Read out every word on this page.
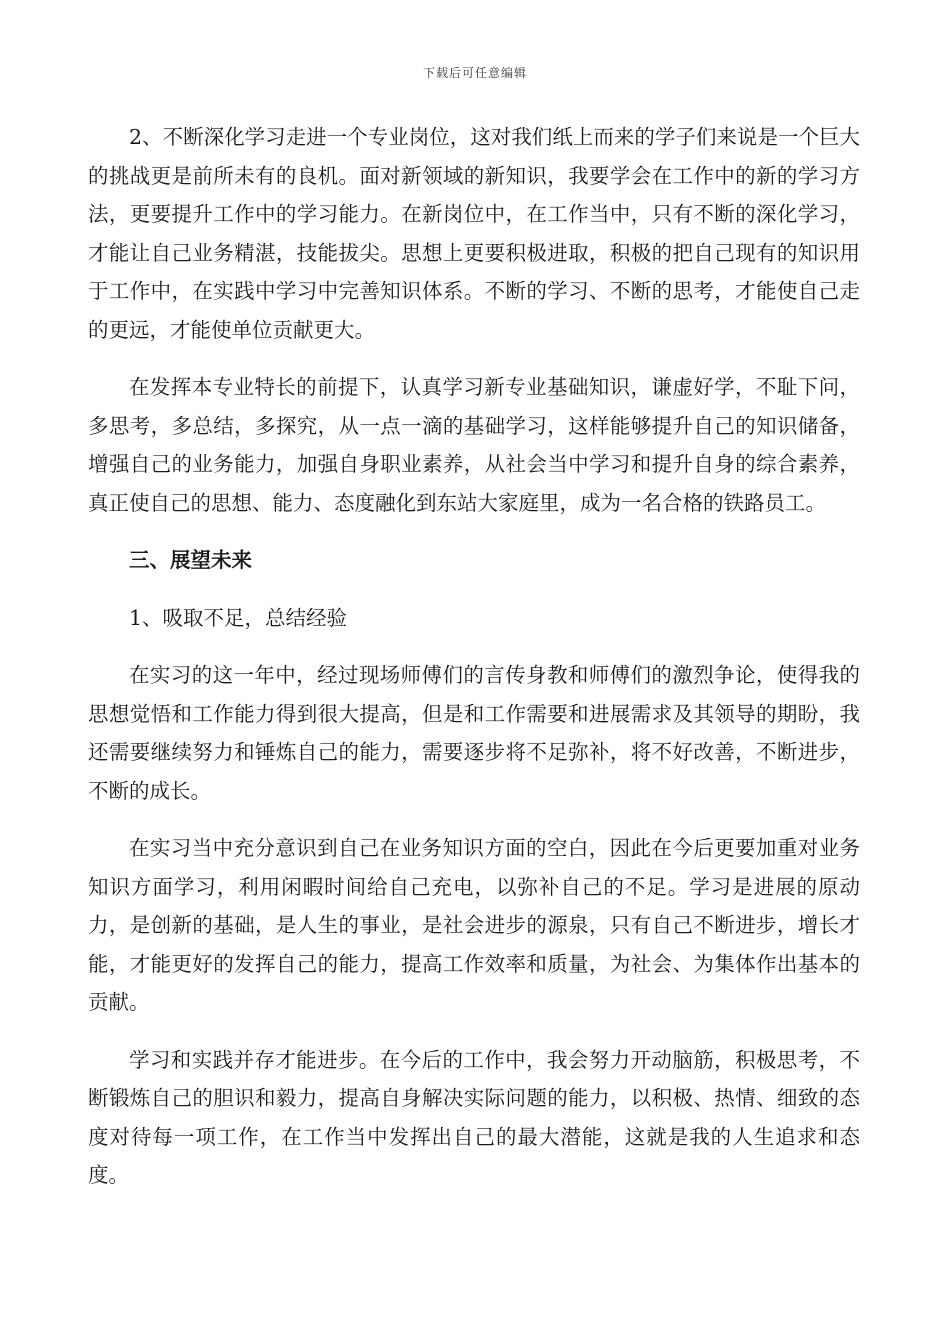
下载后可任意编辑

2、不断深化学习走进一个专业岗位，这对我们纸上而来的学子们来说是一个巨大的挑战更是前所未有的良机。面对新领域的新知识，我要学会在工作中的新的学习方法，更要提升工作中的学习能力。在新岗位中，在工作当中，只有不断的深化学习，才能让自己业务精湛，技能拔尖。思想上更要积极进取，积极的把自己现有的知识用于工作中，在实践中学习中完善知识体系。不断的学习、不断的思考，才能使自己走的更远，才能使单位贡献更大。

在发挥本专业特长的前提下，认真学习新专业基础知识，谦虚好学，不耻下问，多思考，多总结，多探究，从一点一滴的基础学习，这样能够提升自己的知识储备，增强自己的业务能力，加强自身职业素养，从社会当中学习和提升自身的综合素养，真正使自己的思想、能力、态度融化到东站大家庭里，成为一名合格的铁路员工。

三、展望未来

1、吸取不足，总结经验

在实习的这一年中，经过现场师傅们的言传身教和师傅们的激烈争论，使得我的思想觉悟和工作能力得到很大提高，但是和工作需要和进展需求及其领导的期盼，我还需要继续努力和锤炼自己的能力，需要逐步将不足弥补，将不好改善，不断进步，不断的成长。

在实习当中充分意识到自己在业务知识方面的空白，因此在今后更要加重对业务知识方面学习，利用闲暇时间给自己充电，以弥补自己的不足。学习是进展的原动力，是创新的基础，是人生的事业，是社会进步的源泉，只有自己不断进步，增长才能，才能更好的发挥自己的能力，提高工作效率和质量，为社会、为集体作出基本的贡献。

学习和实践并存才能进步。在今后的工作中，我会努力开动脑筋，积极思考，不断锻炼自己的胆识和毅力，提高自身解决实际问题的能力，以积极、热情、细致的态度对待每一项工作，在工作当中发挥出自己的最大潜能，这就是我的人生追求和态度。
